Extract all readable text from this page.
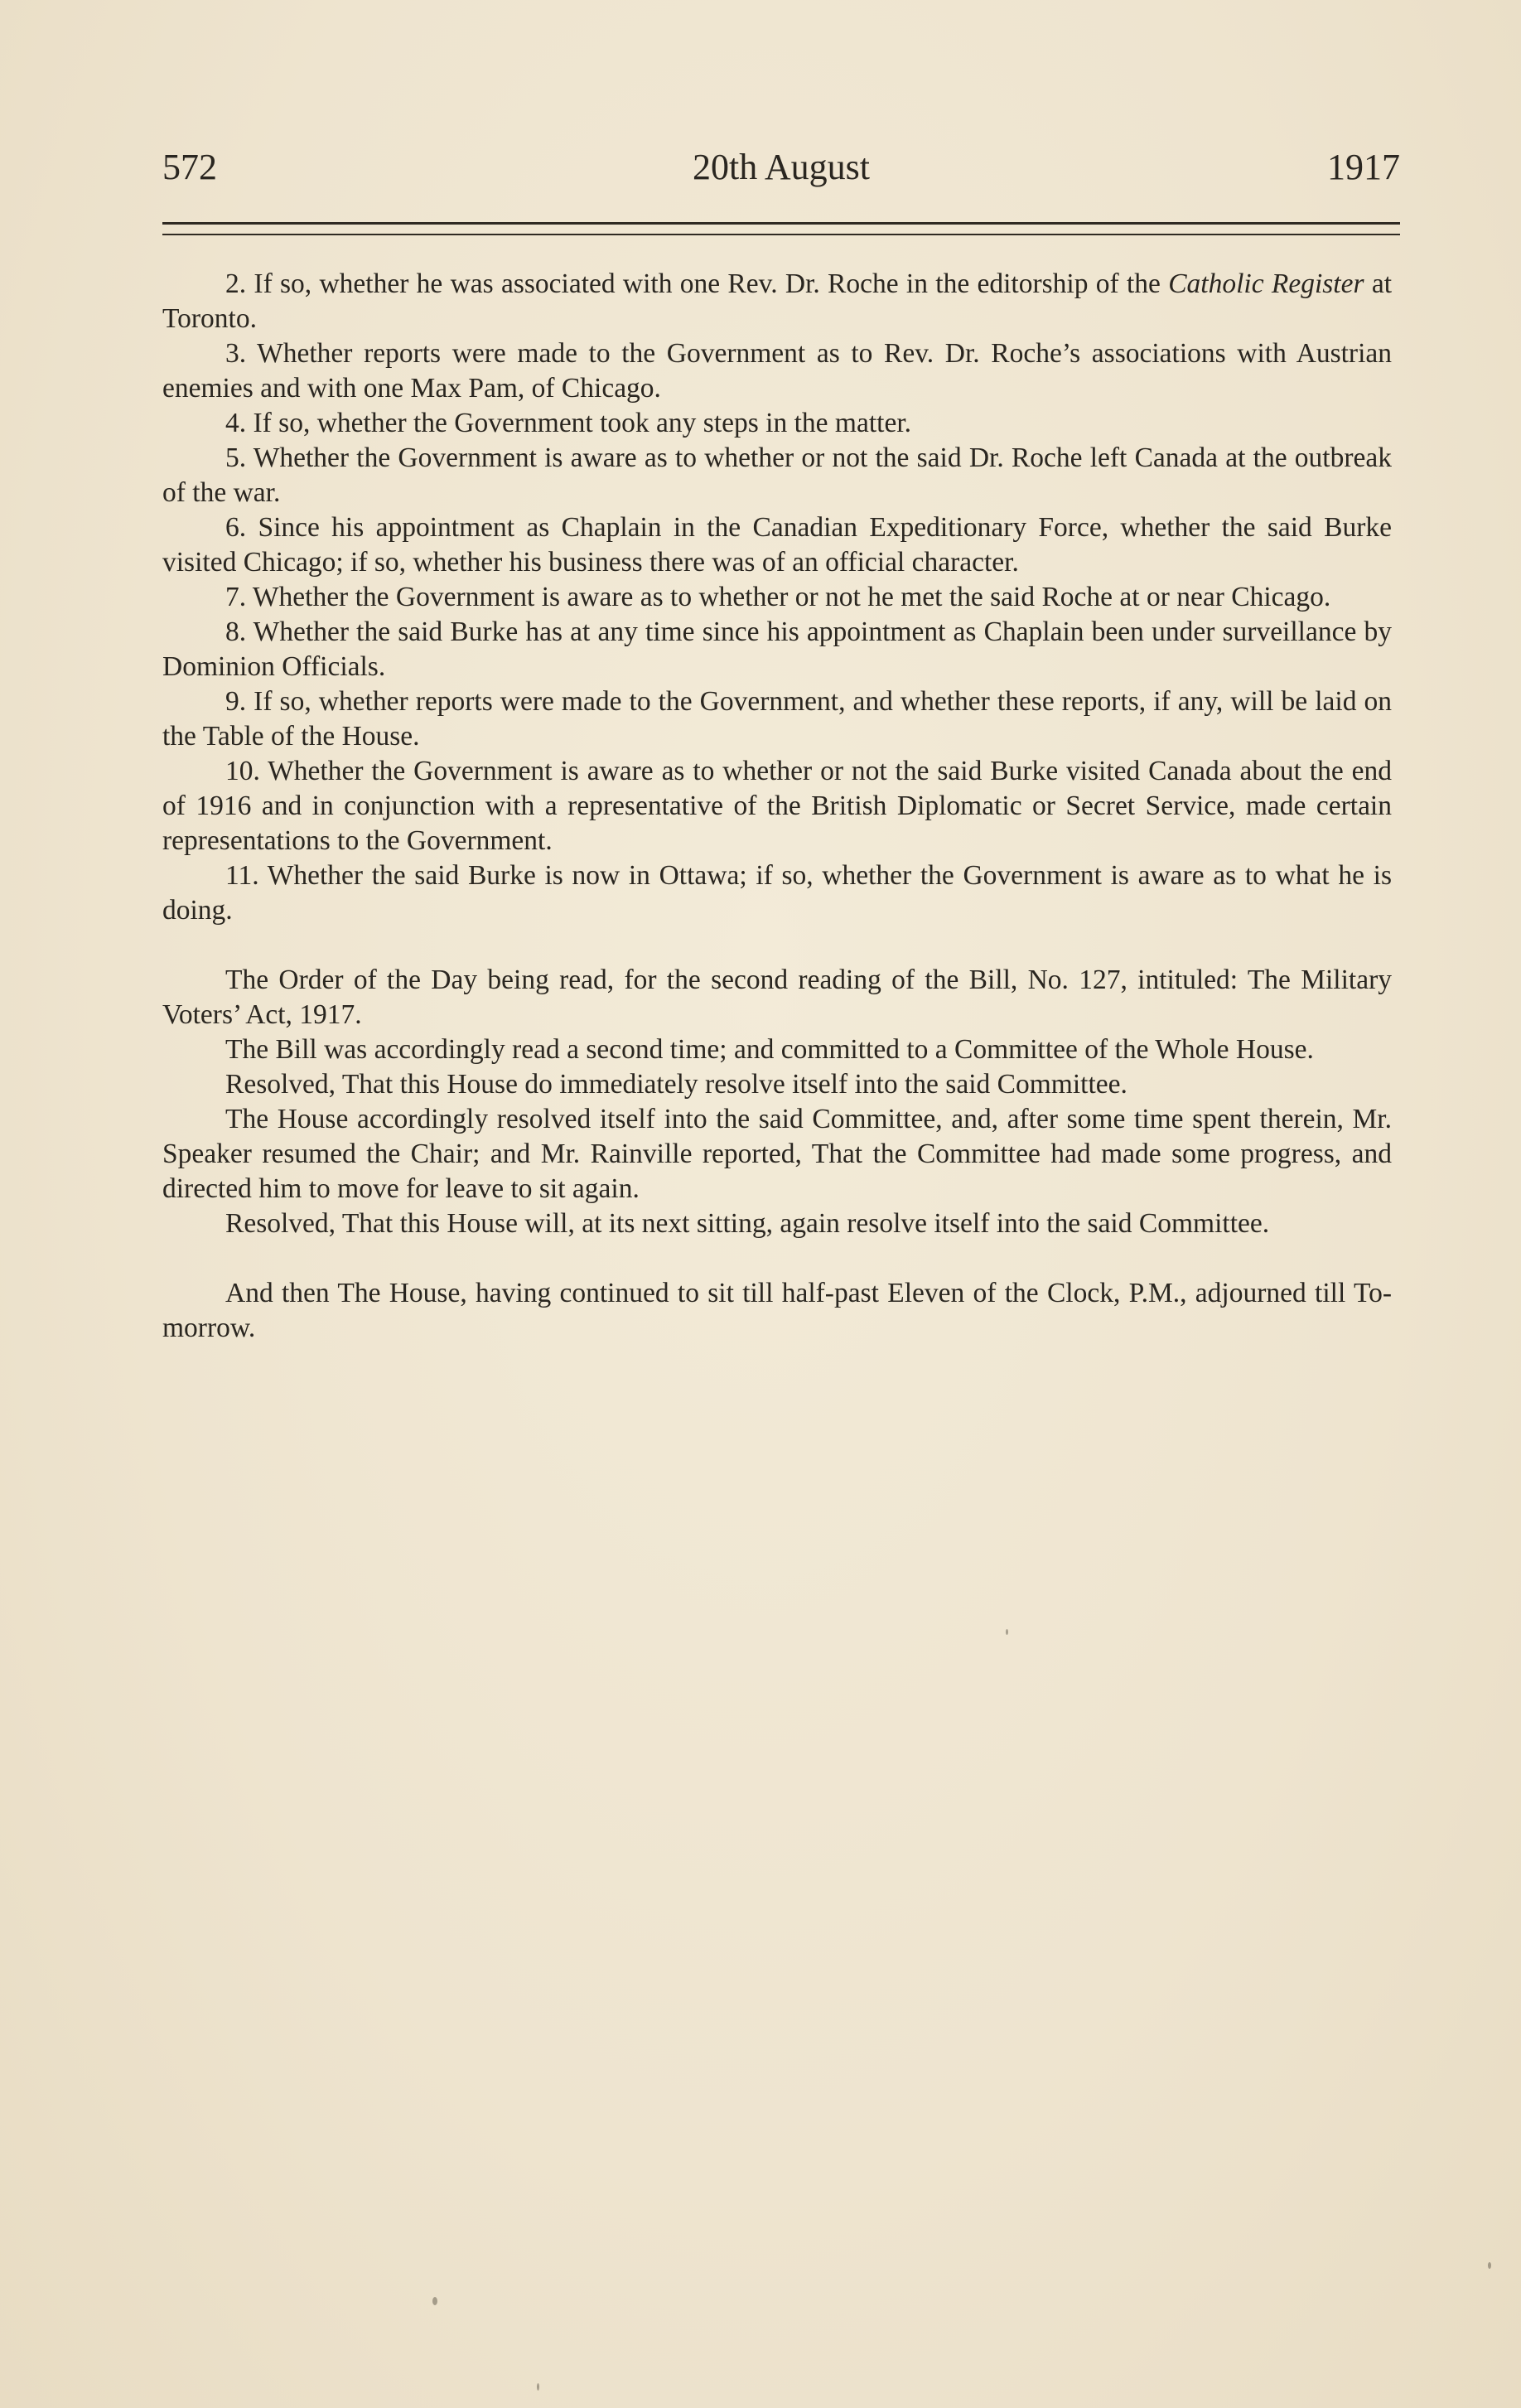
572	20th August	1917

2. If so, whether he was associated with one Rev. Dr. Roche in the editorship of the Catholic Register at Toronto.

3. Whether reports were made to the Government as to Rev. Dr. Roche’s associations with Austrian enemies and with one Max Pam, of Chicago.

4. If so, whether the Government took any steps in the matter.

5. Whether the Government is aware as to whether or not the said Dr. Roche left Canada at the outbreak of the war.

6. Since his appointment as Chaplain in the Canadian Expeditionary Force, whether the said Burke visited Chicago; if so, whether his business there was of an official character.

7. Whether the Government is aware as to whether or not he met the said Roche at or near Chicago.

8. Whether the said Burke has at any time since his appointment as Chaplain been under surveillance by Dominion Officials.

9. If so, whether reports were made to the Government, and whether these reports, if any, will be laid on the Table of the House.

10. Whether the Government is aware as to whether or not the said Burke visited Canada about the end of 1916 and in conjunction with a representative of the British Diplomatic or Secret Service, made certain representations to the Government.

11. Whether the said Burke is now in Ottawa; if so, whether the Government is aware as to what he is doing.

The Order of the Day being read, for the second reading of the Bill, No. 127, intituled: The Military Voters’ Act, 1917.

The Bill was accordingly read a second time; and committed to a Committee of the Whole House.

Resolved, That this House do immediately resolve itself into the said Committee.

The House accordingly resolved itself into the said Committee, and, after some time spent therein, Mr. Speaker resumed the Chair; and Mr. Rainville reported, That the Committee had made some progress, and directed him to move for leave to sit again.

Resolved, That this House will, at its next sitting, again resolve itself into the said Committee.

And then The House, having continued to sit till half-past Eleven of the Clock, P.M., adjourned till To-morrow.
